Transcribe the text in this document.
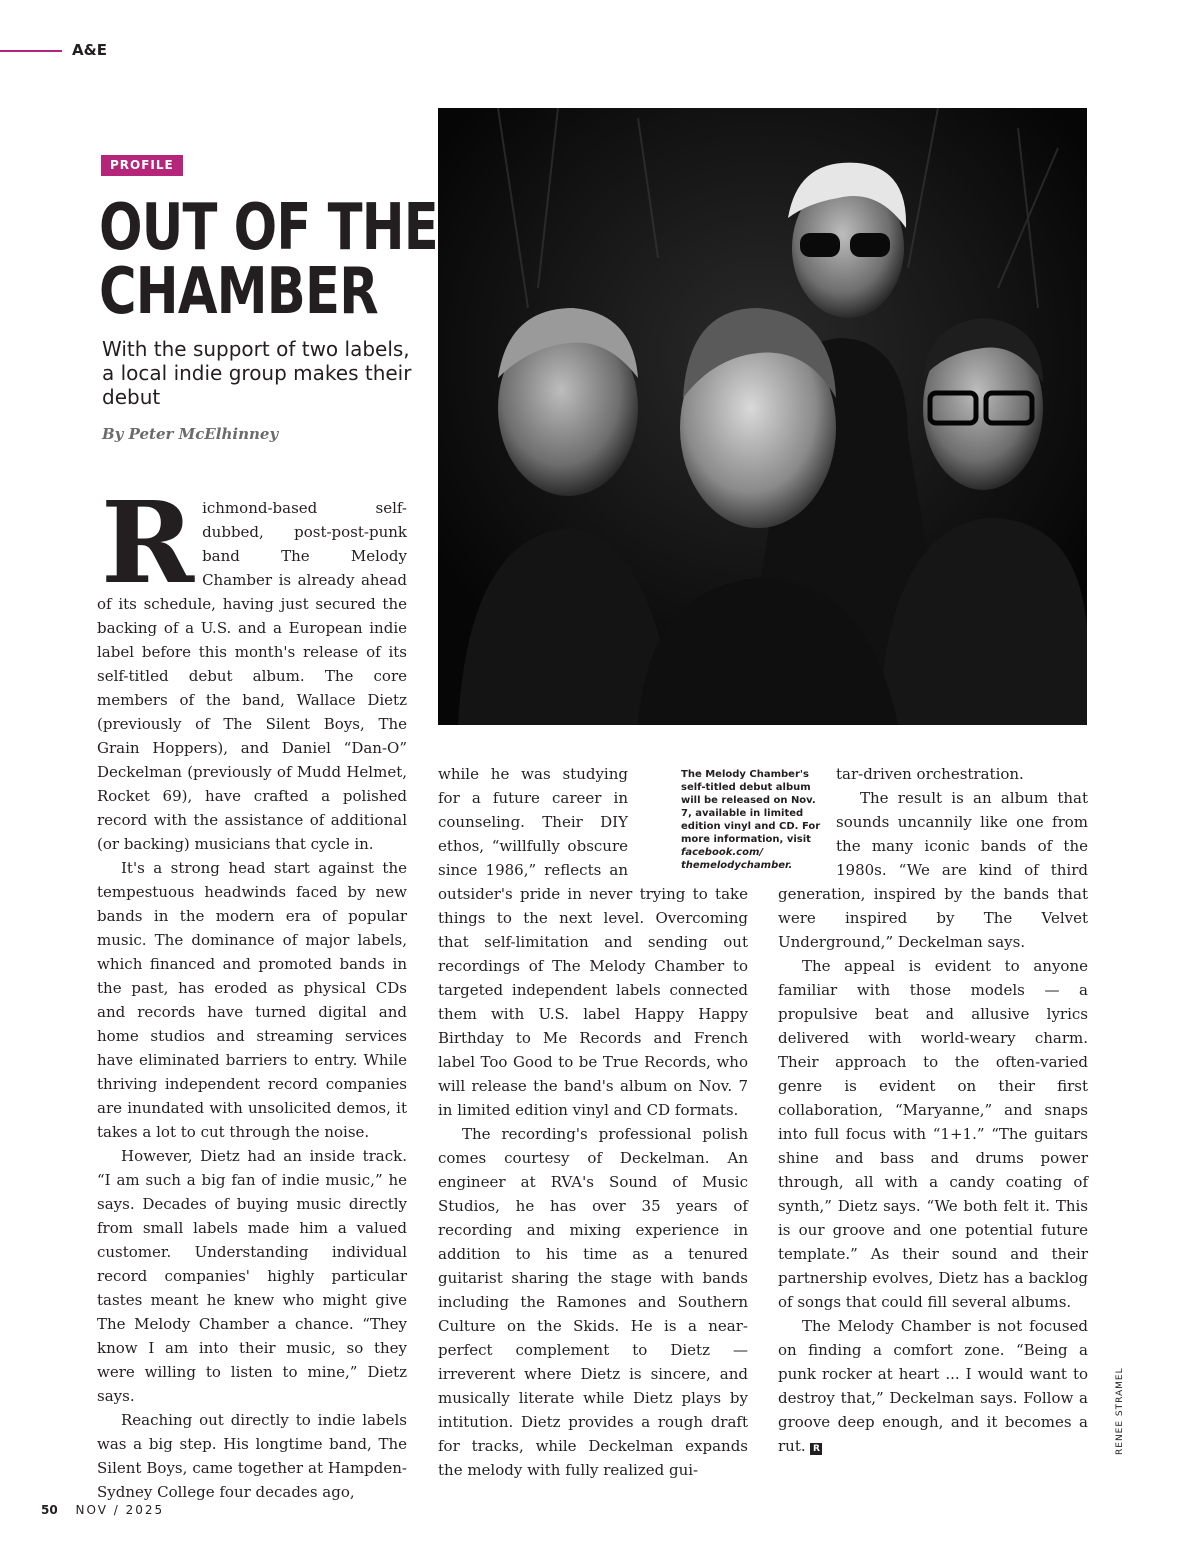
A&E
PROFILE
OUT OF THE
CHAMBER
With the support of two labels, a local indie group makes their debut
By Peter McElhinney

Richmond-based self-dubbed, post-post-punk band The Melody Chamber is already ahead of its schedule, having just secured the backing of a U.S. and a European indie label before this month's release of its self-titled debut album. The core members of the band, Wallace Dietz (previously of The Silent Boys, The Grain Hoppers), and Daniel “Dan-O” Deckelman (previously of Mudd Helmet, Rocket 69), have crafted a polished record with the assistance of additional (or backing) musicians that cycle in.

It's a strong head start against the tempestuous headwinds faced by new bands in the modern era of popular music. The dominance of major labels, which financed and promoted bands in the past, has eroded as physical CDs and records have turned digital and home studios and streaming services have eliminated barriers to entry. While thriving independent record companies are inundated with unsolicited demos, it takes a lot to cut through the noise.

However, Dietz had an inside track. “I am such a big fan of indie music,” he says. Decades of buying music directly from small labels made him a valued customer. Understanding individual record companies' highly particular tastes meant he knew who might give The Melody Chamber a chance. “They know I am into their music, so they were willing to listen to mine,” Dietz says.

Reaching out directly to indie labels was a big step. His longtime band, The Silent Boys, came together at Hampden-Sydney College four decades ago,

while he was studying for a future career in counseling. Their DIY ethos, “willfully obscure since 1986,” reflects an outsider's pride in never trying to take things to the next level. Overcoming that self-limitation and sending out recordings of The Melody Chamber to targeted independent labels connected them with U.S. label Happy Happy Birthday to Me Records and French label Too Good to be True Records, who will release the band's album on Nov. 7 in limited edition vinyl and CD formats.

The recording's professional polish comes courtesy of Deckelman. An engineer at RVA's Sound of Music Studios, he has over 35 years of recording and mixing experience in addition to his time as a tenured guitarist sharing the stage with bands including the Ramones and Southern Culture on the Skids. He is a near-perfect complement to Dietz — irreverent where Dietz is sincere, and musically literate while Dietz plays by intitution. Dietz provides a rough draft for tracks, while Deckelman expands the melody with fully realized gui-

The Melody Chamber's self-titled debut album will be released on Nov. 7, available in limited edition vinyl and CD. For more information, visit facebook.com/ themelodychamber.

tar-driven orchestration.

The result is an album that sounds uncannily like one from the many iconic bands of the 1980s. “We are kind of third generation, inspired by the bands that were inspired by The Velvet Underground,” Deckelman says.

The appeal is evident to anyone familiar with those models — a propulsive beat and allusive lyrics delivered with world-weary charm. Their approach to the often-varied genre is evident on their first collaboration, “Maryanne,” and snaps into full focus with “1+1.” “The guitars shine and bass and drums power through, all with a candy coating of synth,” Dietz says. “We both felt it. This is our groove and one potential future template.” As their sound and their partnership evolves, Dietz has a backlog of songs that could fill several albums.

The Melody Chamber is not focused on finding a comfort zone. “Being a punk rocker at heart ... I would want to destroy that,” Deckelman says. Follow a groove deep enough, and it becomes a rut. R	RENEE STRAMEL
50 NOV / 2025
